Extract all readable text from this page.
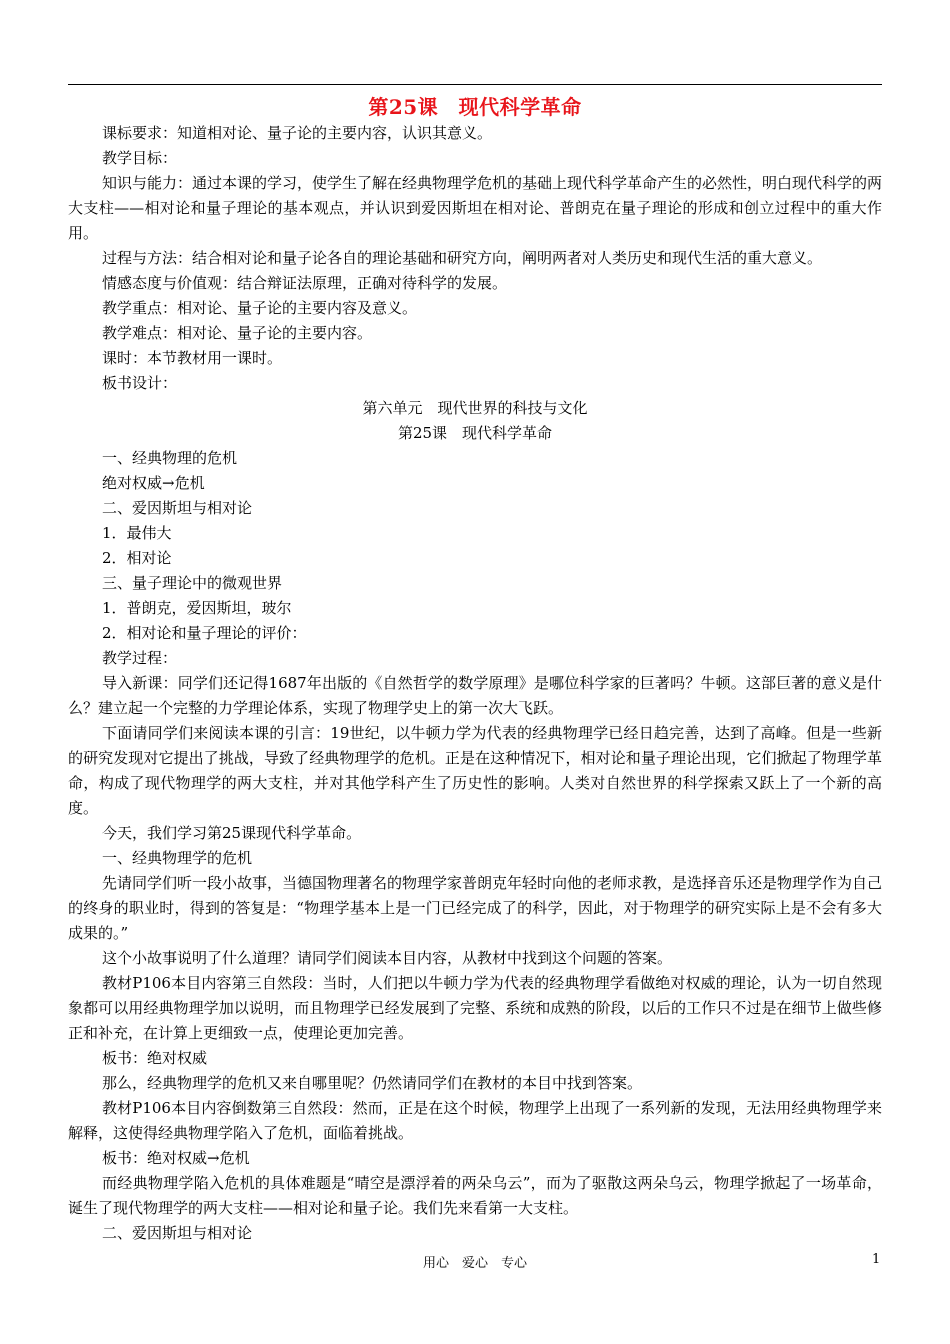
第25课　现代科学革命

课标要求：知道相对论、量子论的主要内容，认识其意义。

教学目标：

知识与能力：通过本课的学习，使学生了解在经典物理学危机的基础上现代科学革命产生的必然性，明白现代科学的两大支柱——相对论和量子理论的基本观点，并认识到爱因斯坦在相对论、普朗克在量子理论的形成和创立过程中的重大作用。

过程与方法：结合相对论和量子论各自的理论基础和研究方向，阐明两者对人类历史和现代生活的重大意义。

情感态度与价值观：结合辩证法原理，正确对待科学的发展。

教学重点：相对论、量子论的主要内容及意义。

教学难点：相对论、量子论的主要内容。

课时：本节教材用一课时。

板书设计：

第六单元　现代世界的科技与文化

第25课　现代科学革命

一、经典物理的危机

绝对权威→危机

二、爱因斯坦与相对论

1．最伟大

2．相对论

三、量子理论中的微观世界

1．普朗克，爱因斯坦，玻尔

2．相对论和量子理论的评价：

教学过程：

导入新课：同学们还记得1687年出版的《自然哲学的数学原理》是哪位科学家的巨著吗？牛顿。这部巨著的意义是什么？建立起一个完整的力学理论体系，实现了物理学史上的第一次大飞跃。

下面请同学们来阅读本课的引言：19世纪，以牛顿力学为代表的经典物理学已经日趋完善，达到了高峰。但是一些新的研究发现对它提出了挑战，导致了经典物理学的危机。正是在这种情况下，相对论和量子理论出现，它们掀起了物理学革命，构成了现代物理学的两大支柱，并对其他学科产生了历史性的影响。人类对自然世界的科学探索又跃上了一个新的高度。

今天，我们学习第25课现代科学革命。

一、经典物理学的危机

先请同学们听一段小故事，当德国物理著名的物理学家普朗克年轻时向他的老师求教，是选择音乐还是物理学作为自己的终身的职业时，得到的答复是：“物理学基本上是一门已经完成了的科学，因此，对于物理学的研究实际上是不会有多大成果的。”

这个小故事说明了什么道理？请同学们阅读本目内容，从教材中找到这个问题的答案。

教材P106本目内容第三自然段：当时，人们把以牛顿力学为代表的经典物理学看做绝对权威的理论，认为一切自然现象都可以用经典物理学加以说明，而且物理学已经发展到了完整、系统和成熟的阶段，以后的工作只不过是在细节上做些修正和补充，在计算上更细致一点，使理论更加完善。

板书：绝对权威

那么，经典物理学的危机又来自哪里呢？仍然请同学们在教材的本目中找到答案。

教材P106本目内容倒数第三自然段：然而，正是在这个时候，物理学上出现了一系列新的发现，无法用经典物理学来解释，这使得经典物理学陷入了危机，面临着挑战。

板书：绝对权威→危机

而经典物理学陷入危机的具体难题是“晴空是漂浮着的两朵乌云”，而为了驱散这两朵乌云，物理学掀起了一场革命，诞生了现代物理学的两大支柱——相对论和量子论。我们先来看第一大支柱。

二、爱因斯坦与相对论

用心　爱心　专心	1
